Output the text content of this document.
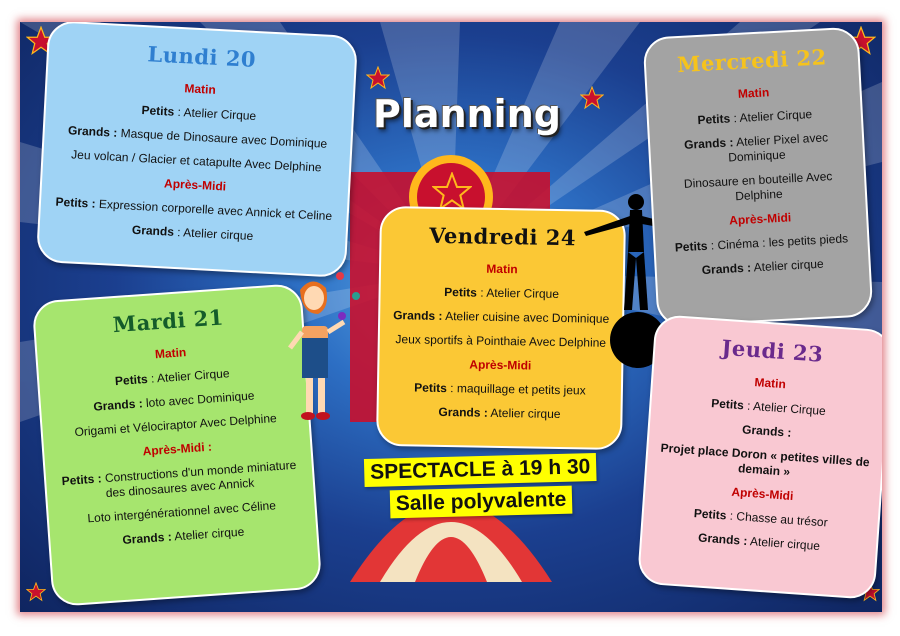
Planning

Lundi 20

Matin

Petits : Atelier Cirque

Grands : Masque de Dinosaure avec Dominique

Jeu volcan / Glacier et catapulte Avec Delphine

Après-Midi

Petits : Expression corporelle avec Annick et Celine

Grands : Atelier cirque

Mardi 21

Matin

Petits : Atelier Cirque

Grands : loto avec Dominique

Origami et Vélociraptor Avec Delphine

Après-Midi :

Petits : Constructions d'un monde miniature des dinosaures avec Annick

Loto intergénérationnel avec Céline

Grands : Atelier cirque

Vendredi 24

Matin

Petits : Atelier Cirque

Grands : Atelier cuisine avec Dominique

Jeux sportifs à Pointhaie Avec Delphine

Après-Midi

Petits : maquillage et petits jeux

Grands : Atelier cirque

Mercredi 22

Matin

Petits : Atelier Cirque

Grands : Atelier Pixel avec Dominique

Dinosaure en bouteille Avec Delphine

Après-Midi

Petits : Cinéma : les petits pieds

Grands : Atelier cirque

Jeudi 23

Matin

Petits : Atelier Cirque

Grands :

Projet place Doron « petites villes de demain »

Après-Midi

Petits : Chasse au trésor

Grands : Atelier cirque

SPECTACLE à 19 h 30
Salle polyvalente
